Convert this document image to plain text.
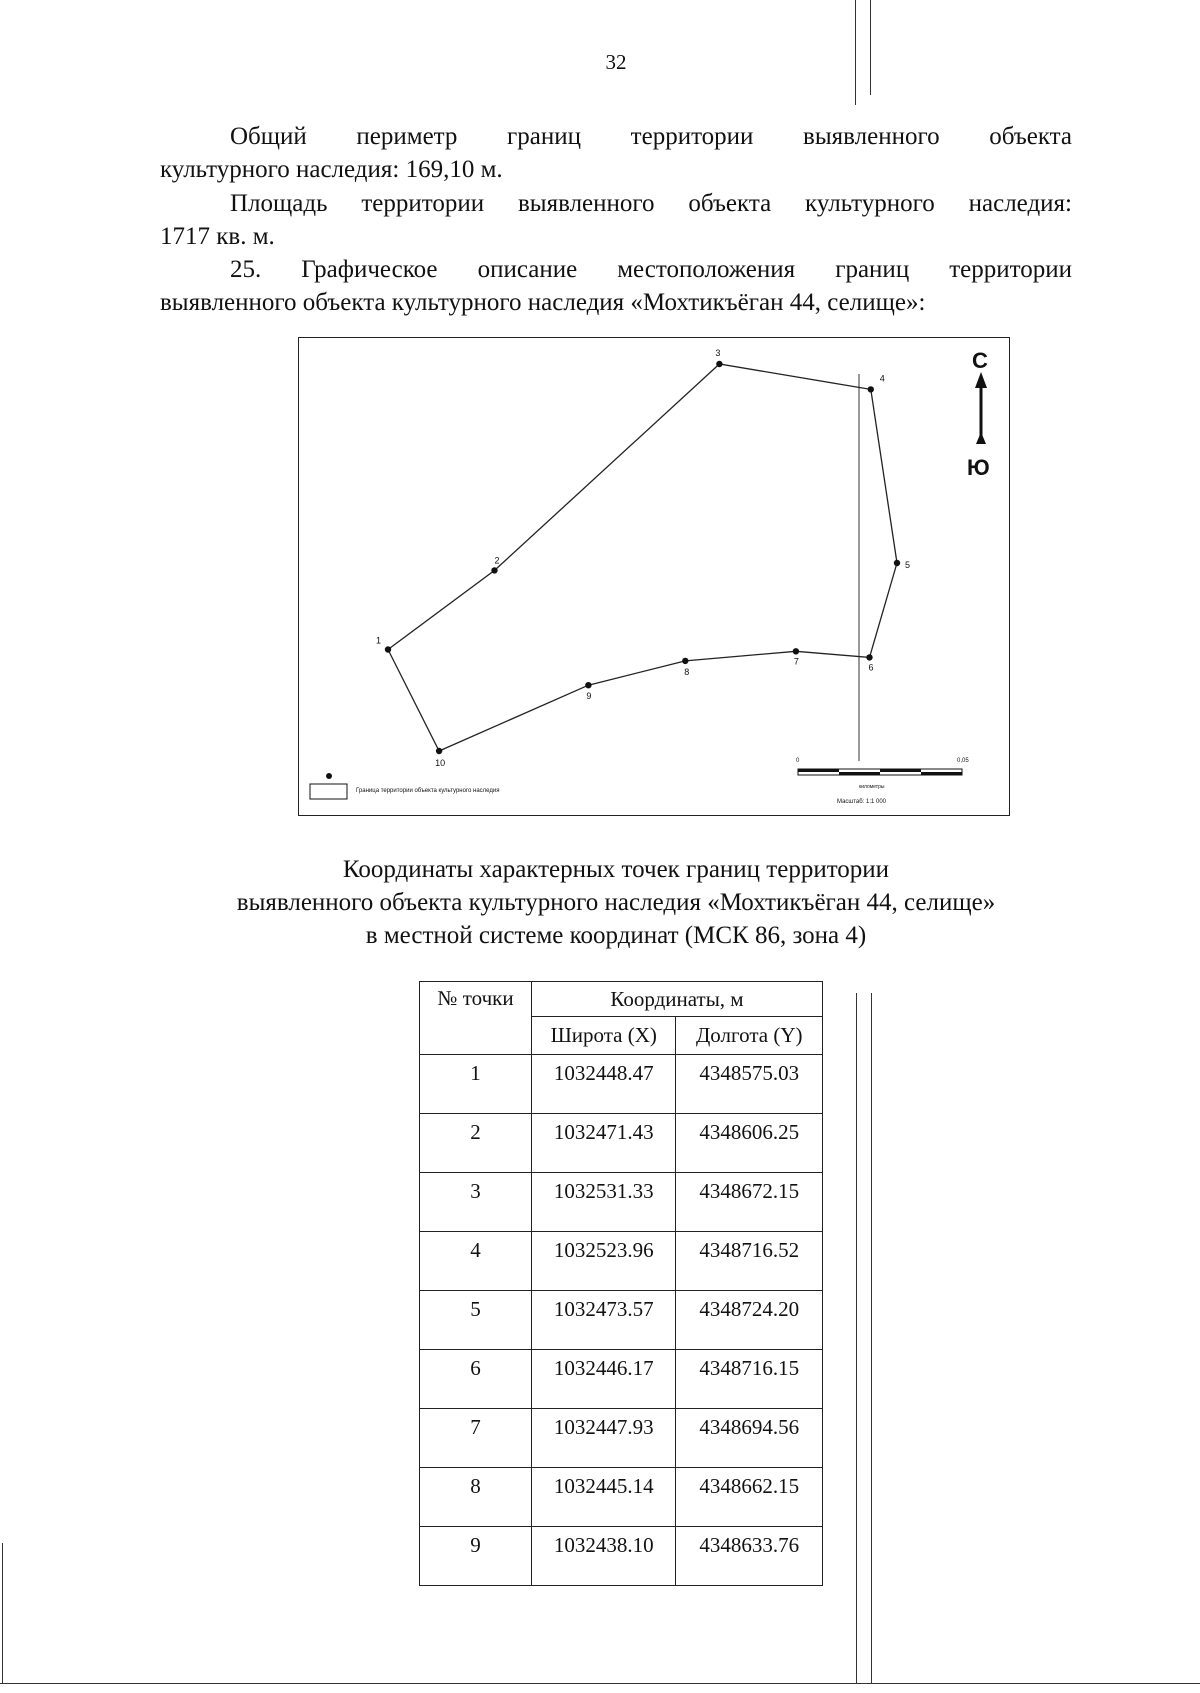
32

Общий периметр границ территории выявленного объекта
культурного наследия: 169,10 м.

Площадь территории выявленного объекта культурного наследия:
1717 кв. м.

25. Графическое описание местоположения границ территории
выявленного объекта культурного наследия «Мохтикъёган 44, селище»:

1
2
3
4
5
6
7
8
9
10
С
Ю
Граница территории объекта культурного наследия
0	0,05
километры
Масштаб: 1:1 000
Координаты характерных точек границ территории
выявленного объекта культурного наследия «Мохтикъёган 44, селище»
в местной системе координат (МСК 86, зона 4)
№ точки	Координаты, м	
	Широта (X)	Долгота (Y)
1	1032448.47	4348575.03
2	1032471.43	4348606.25
3	1032531.33	4348672.15
4	1032523.96	4348716.52
5	1032473.57	4348724.20
6	1032446.17	4348716.15
7	1032447.93	4348694.56
8	1032445.14	4348662.15
9	1032438.10	4348633.76
